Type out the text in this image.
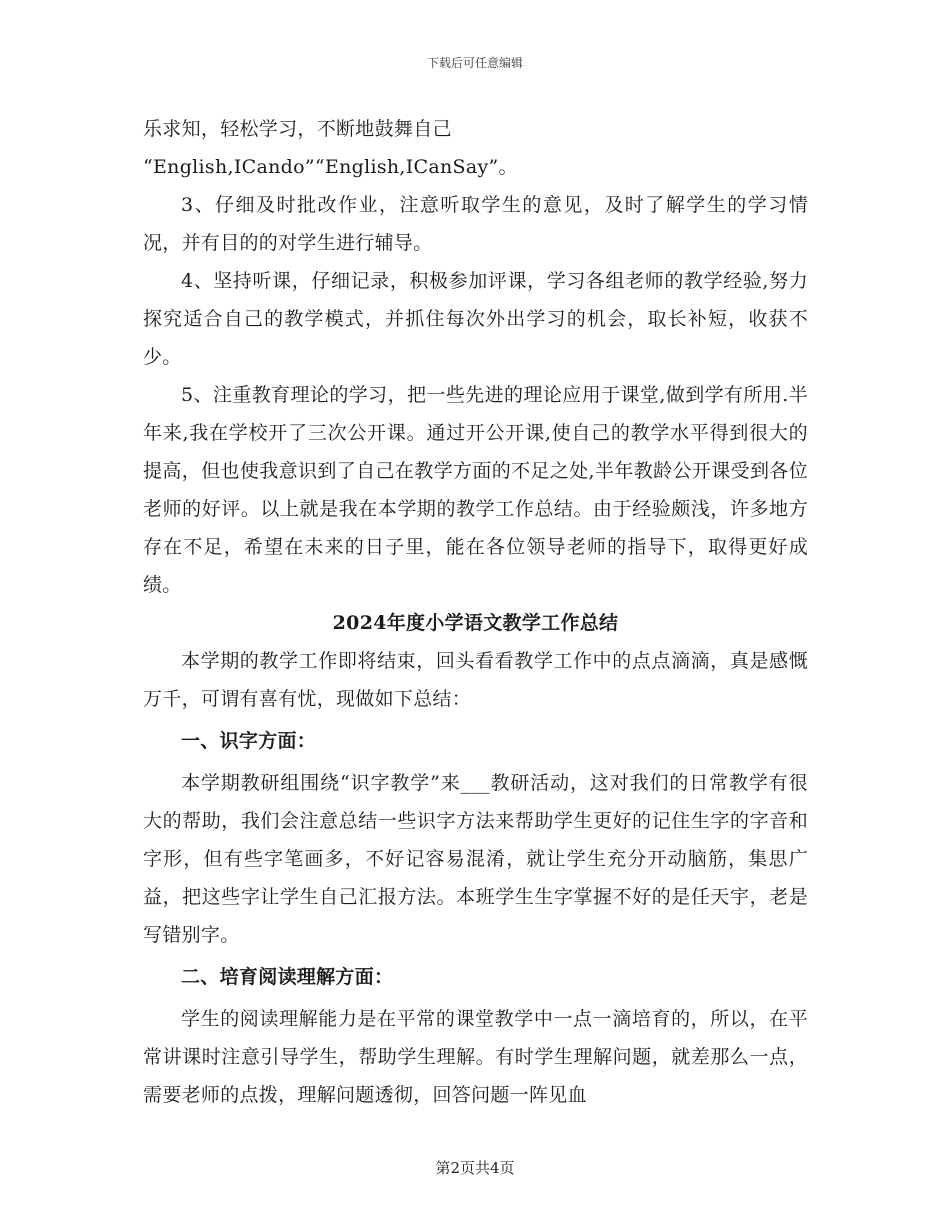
下载后可任意编辑

乐求知，轻松学习，不断地鼓舞自己

“English,ICando”“English,ICanSay”。

3、仔细及时批改作业，注意听取学生的意见，及时了解学生的学习情况，并有目的的对学生进行辅导。

4、坚持听课，仔细记录，积极参加评课，学习各组老师的教学经验,努力探究适合自己的教学模式，并抓住每次外出学习的机会，取长补短，收获不少。

5、注重教育理论的学习，把一些先进的理论应用于课堂,做到学有所用.半年来,我在学校开了三次公开课。通过开公开课,使自己的教学水平得到很大的提高，但也使我意识到了自己在教学方面的不足之处,半年教龄公开课受到各位老师的好评。以上就是我在本学期的教学工作总结。由于经验颇浅，许多地方存在不足，希望在未来的日子里，能在各位领导老师的指导下，取得更好成绩。

2024年度小学语文教学工作总结

本学期的教学工作即将结束，回头看看教学工作中的点点滴滴，真是感慨万千，可谓有喜有忧，现做如下总结：

一、识字方面：

本学期教研组围绕“识字教学”来___教研活动，这对我们的日常教学有很大的帮助，我们会注意总结一些识字方法来帮助学生更好的记住生字的字音和字形，但有些字笔画多，不好记容易混淆，就让学生充分开动脑筋，集思广益，把这些字让学生自己汇报方法。本班学生生字掌握不好的是任天宇，老是写错别字。

二、培育阅读理解方面：

学生的阅读理解能力是在平常的课堂教学中一点一滴培育的，所以，在平常讲课时注意引导学生，帮助学生理解。有时学生理解问题，就差那么一点，需要老师的点拨，理解问题透彻，回答问题一阵见血

第2页共4页
